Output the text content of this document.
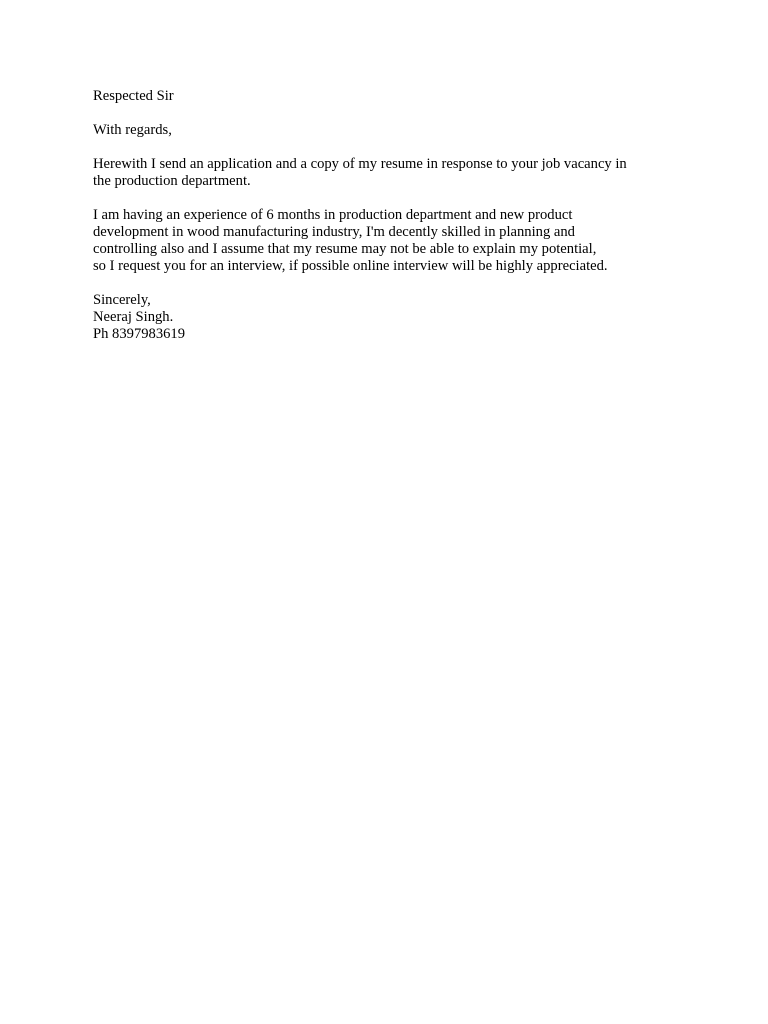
Respected Sir

With regards,

Herewith I send an application and a copy of my resume in response to your job vacancy in
the production department.

I am having an experience of 6 months in production department and new product
development in wood manufacturing industry, I'm decently skilled in planning and
controlling also and I assume that my resume may not be able to explain my potential,
so I request you for an interview, if possible online interview will be highly appreciated.

Sincerely,
Neeraj Singh.
Ph 8397983619
